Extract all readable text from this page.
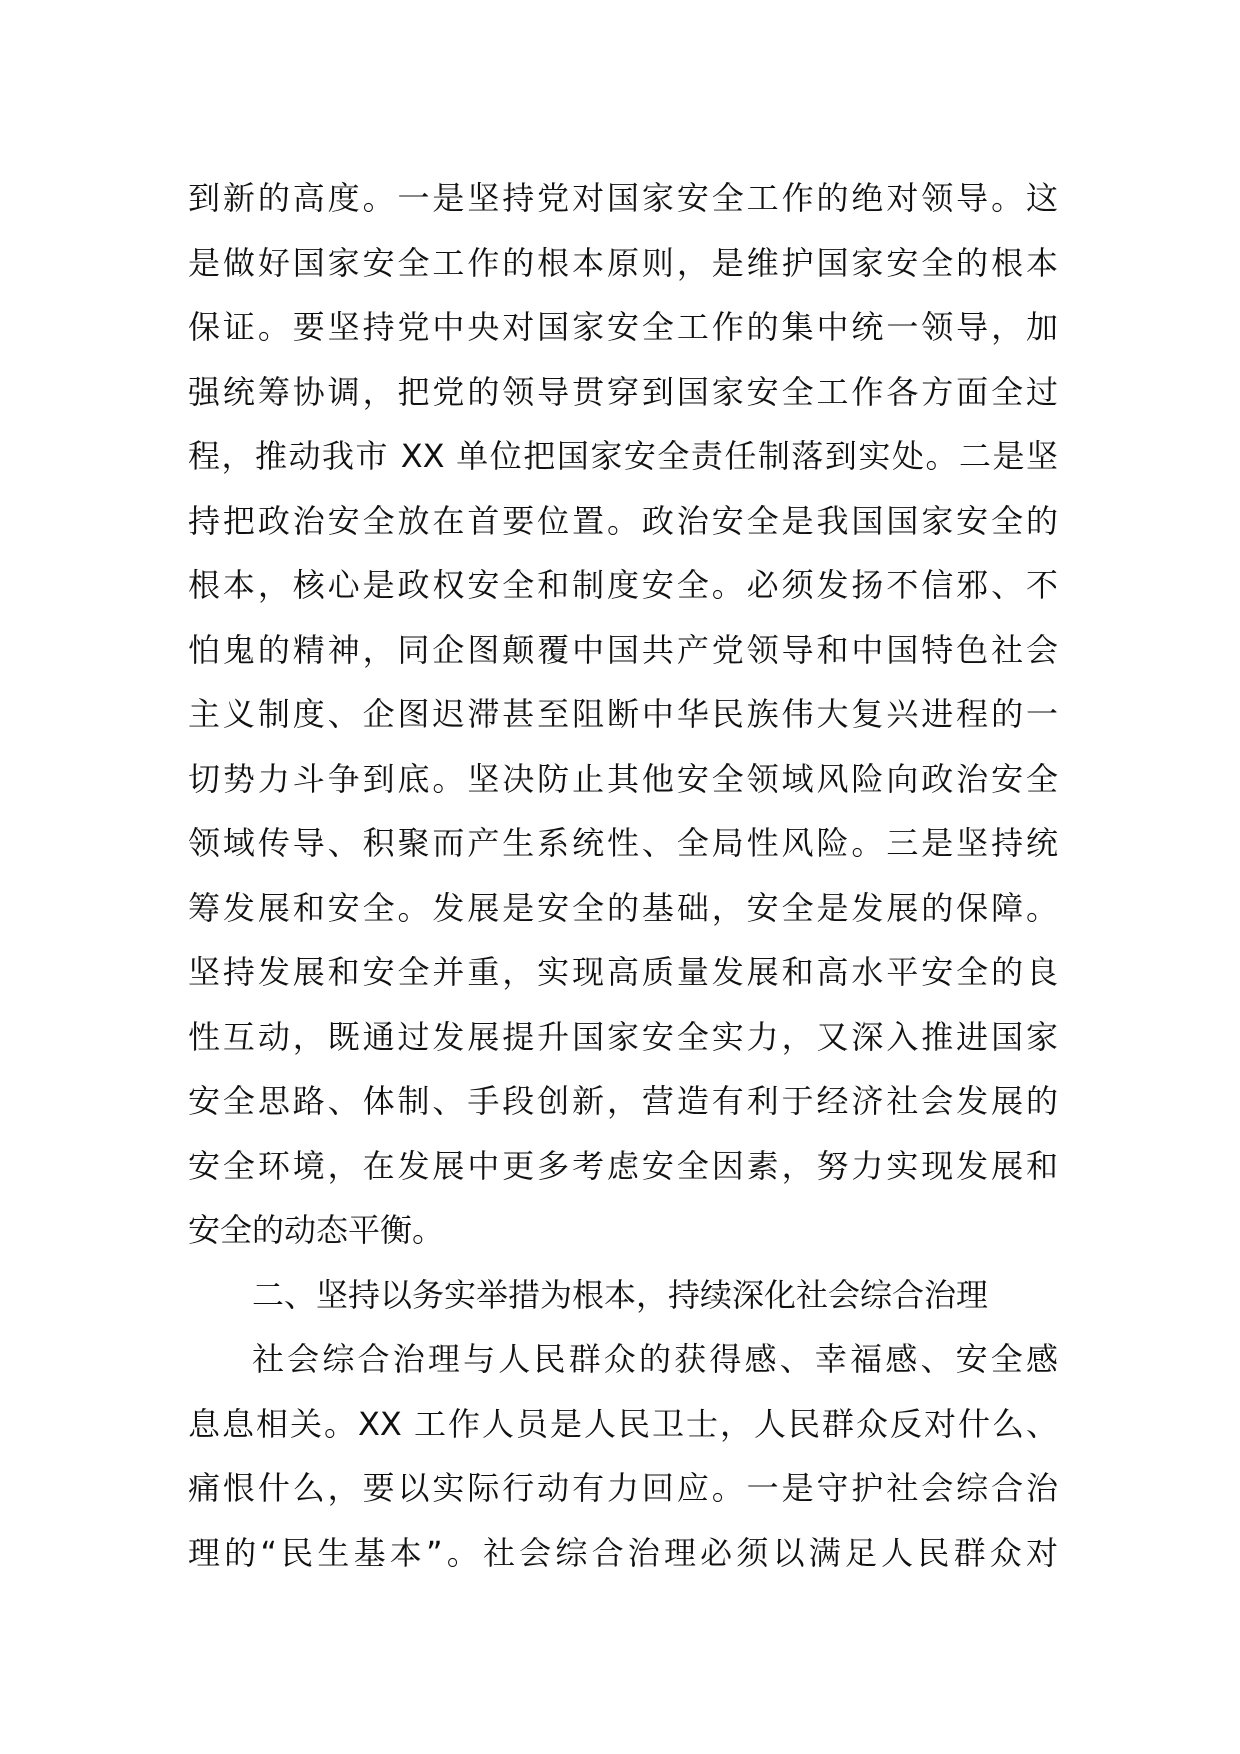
到新的高度。一是坚持党对国家安全工作的绝对领导。这
是做好国家安全工作的根本原则，是维护国家安全的根本
保证。要坚持党中央对国家安全工作的集中统一领导，加
强统筹协调，把党的领导贯穿到国家安全工作各方面全过
程，推动我市 XX 单位把国家安全责任制落到实处。二是坚
持把政治安全放在首要位置。政治安全是我国国家安全的
根本，核心是政权安全和制度安全。必须发扬不信邪、不
怕鬼的精神，同企图颠覆中国共产党领导和中国特色社会
主义制度、企图迟滞甚至阻断中华民族伟大复兴进程的一
切势力斗争到底。坚决防止其他安全领域风险向政治安全
领域传导、积聚而产生系统性、全局性风险。三是坚持统
筹发展和安全。发展是安全的基础，安全是发展的保障。
坚持发展和安全并重，实现高质量发展和高水平安全的良
性互动，既通过发展提升国家安全实力，又深入推进国家
安全思路、体制、手段创新，营造有利于经济社会发展的
安全环境，在发展中更多考虑安全因素，努力实现发展和
安全的动态平衡。
二、坚持以务实举措为根本，持续深化社会综合治理
社会综合治理与人民群众的获得感、幸福感、安全感
息息相关。XX 工作人员是人民卫士，人民群众反对什么、
痛恨什么，要以实际行动有力回应。一是守护社会综合治
理的“民生基本”。社会综合治理必须以满足人民群众对
